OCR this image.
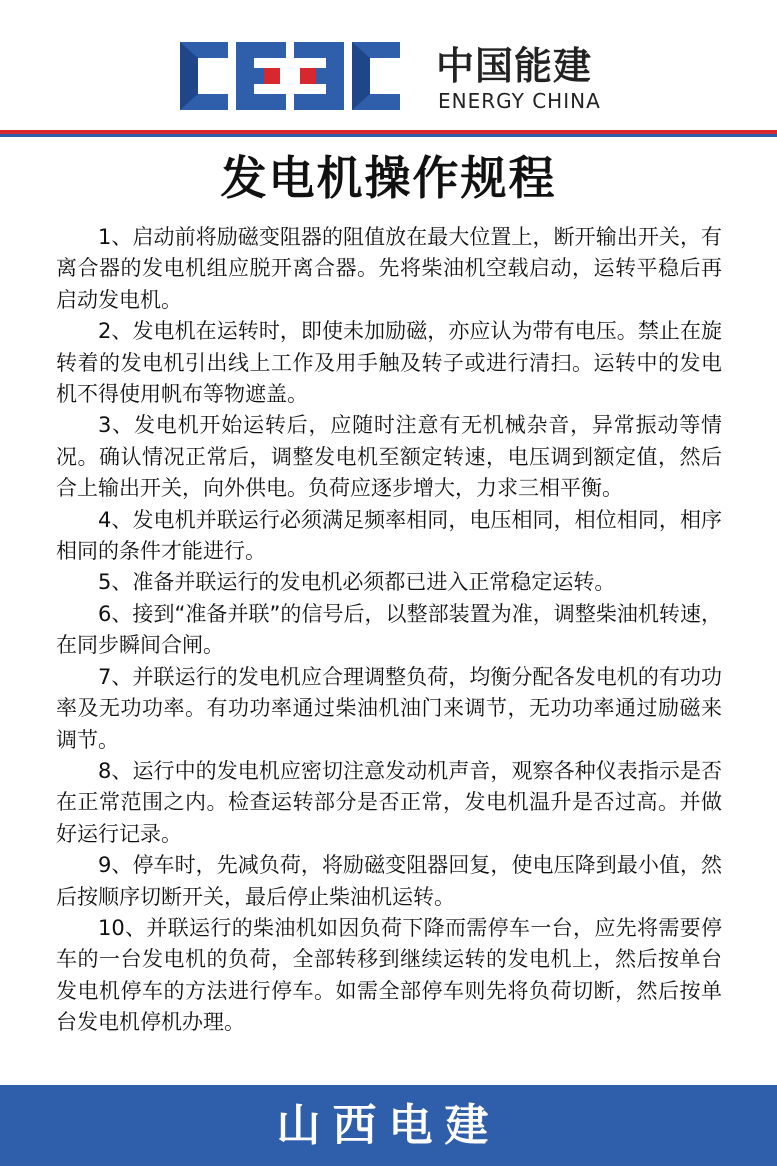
中国能建
ENERGY CHINA
发电机操作规程

1、启动前将励磁变阻器的阻值放在最大位置上，断开输出开关，有离合器的发电机组应脱开离合器。先将柴油机空载启动，运转平稳后再启动发电机。

2、发电机在运转时，即使未加励磁，亦应认为带有电压。禁止在旋转着的发电机引出线上工作及用手触及转子或进行清扫。运转中的发电机不得使用帆布等物遮盖。

3、发电机开始运转后，应随时注意有无机械杂音，异常振动等情况。确认情况正常后，调整发电机至额定转速，电压调到额定值，然后合上输出开关，向外供电。负荷应逐步增大，力求三相平衡。

4、发电机并联运行必须满足频率相同，电压相同，相位相同，相序相同的条件才能进行。

5、准备并联运行的发电机必须都已进入正常稳定运转。

6、接到“准备并联”的信号后，以整部装置为准，调整柴油机转速，在同步瞬间合闸。

7、并联运行的发电机应合理调整负荷，均衡分配各发电机的有功功率及无功功率。有功功率通过柴油机油门来调节，无功功率通过励磁来调节。

8、运行中的发电机应密切注意发动机声音，观察各种仪表指示是否在正常范围之内。检查运转部分是否正常，发电机温升是否过高。并做好运行记录。

9、停车时，先减负荷，将励磁变阻器回复，使电压降到最小值，然后按顺序切断开关，最后停止柴油机运转。

10、并联运行的柴油机如因负荷下降而需停车一台，应先将需要停车的一台发电机的负荷，全部转移到继续运转的发电机上，然后按单台发电机停车的方法进行停车。如需全部停车则先将负荷切断，然后按单台发电机停机办理。

山西电建
